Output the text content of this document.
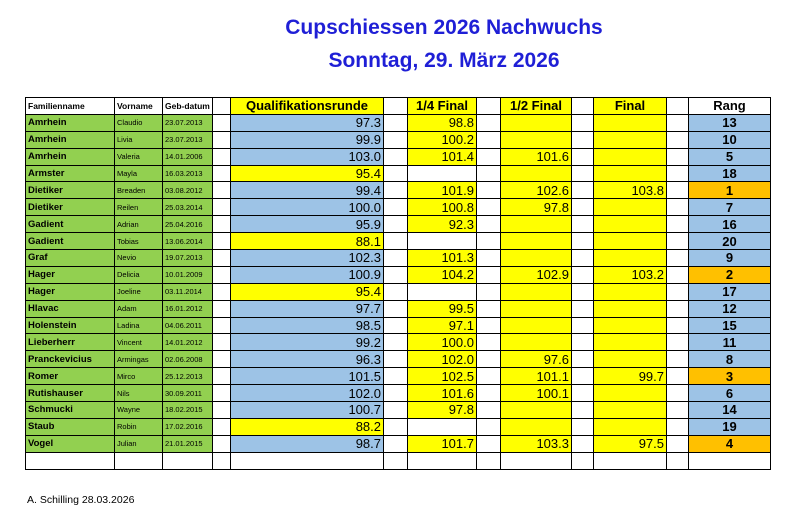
Cupschiessen 2026 Nachwuchs
Sonntag, 29. März 2026
Familienname	Vorname	Geb-datum		Qualifikationsrunde		1/4 Final		1/2 Final		Final		Rang
Amrhein	Claudio	23.07.2013		97.3		98.8						13
Amrhein	Livia	23.07.2013		99.9		100.2						10
Amrhein	Valeria	14.01.2006		103.0		101.4		101.6				5
Armster	Mayla	16.03.2013		95.4								18
Dietiker	Breaden	03.08.2012		99.4		101.9		102.6		103.8		1
Dietiker	Reilen	25.03.2014		100.0		100.8		97.8				7
Gadient	Adrian	25.04.2016		95.9		92.3						16
Gadient	Tobias	13.06.2014		88.1								20
Graf	Nevio	19.07.2013		102.3		101.3						9
Hager	Delicia	10.01.2009		100.9		104.2		102.9		103.2		2
Hager	Joeline	03.11.2014		95.4								17
Hlavac	Adam	16.01.2012		97.7		99.5						12
Holenstein	Ladina	04.06.2011		98.5		97.1						15
Lieberherr	Vincent	14.01.2012		99.2		100.0						11
Pranckevicius	Armingas	02.06.2008		96.3		102.0		97.6				8
Romer	Mirco	25.12.2013		101.5		102.5		101.1		99.7		3
Rutishauser	Nils	30.09.2011		102.0		101.6		100.1				6
Schmucki	Wayne	18.02.2015		100.7		97.8						14
Staub	Robin	17.02.2016		88.2								19
Vogel	Julian	21.01.2015		98.7		101.7		103.3		97.5		4

A. Schilling 28.03.2026
